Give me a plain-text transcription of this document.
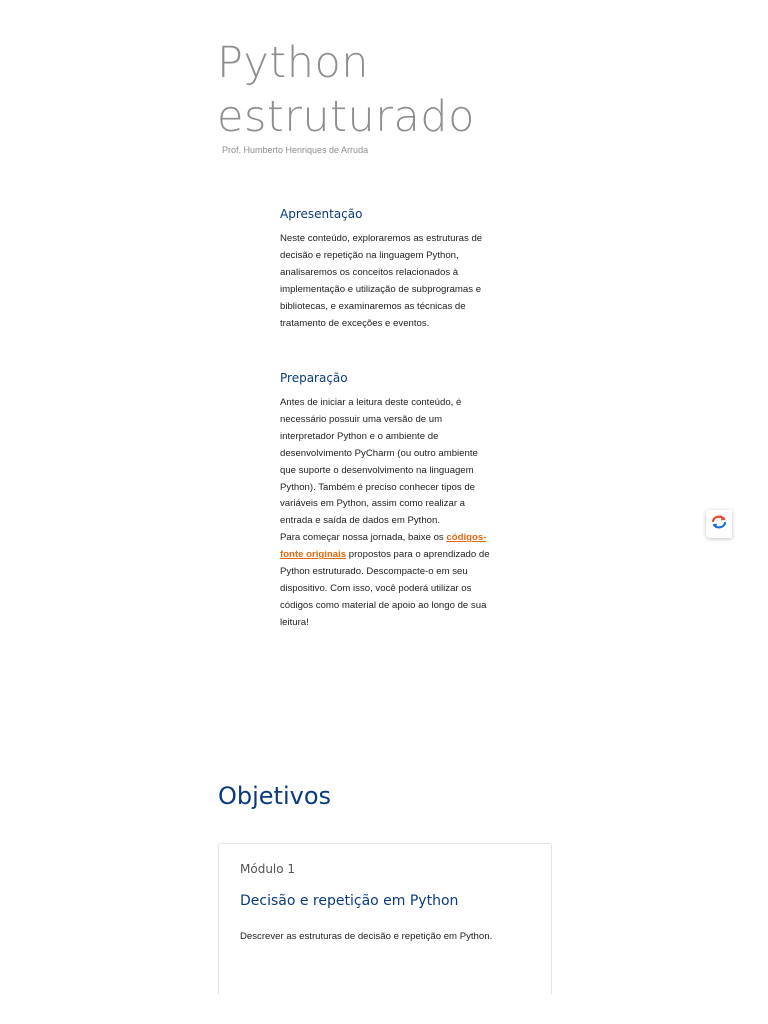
Python
estruturado
Prof. Humberto Henriques de Arruda
Apresentação

Neste conteúdo, exploraremos as estruturas de decisão e repetição na linguagem Python, analisaremos os conceitos relacionados à implementação e utilização de subprogramas e bibliotecas, e examinaremos as técnicas de tratamento de exceções e eventos.

Preparação

Antes de iniciar a leitura deste conteúdo, é necessário possuir uma versão de um interpretador Python e o ambiente de desenvolvimento PyCharm (ou outro ambiente que suporte o desenvolvimento na linguagem Python). Também é preciso conhecer tipos de variáveis em Python, assim como realizar a entrada e saída de dados em Python.

Para começar nossa jornada, baixe os códigos-fonte originais propostos para o aprendizado de Python estruturado. Descompacte-o em seu dispositivo. Com isso, você poderá utilizar os códigos como material de apoio ao longo de sua leitura!

Objetivos
Módulo 1
Decisão e repetição em Python
Descrever as estruturas de decisão e repetição em Python.
